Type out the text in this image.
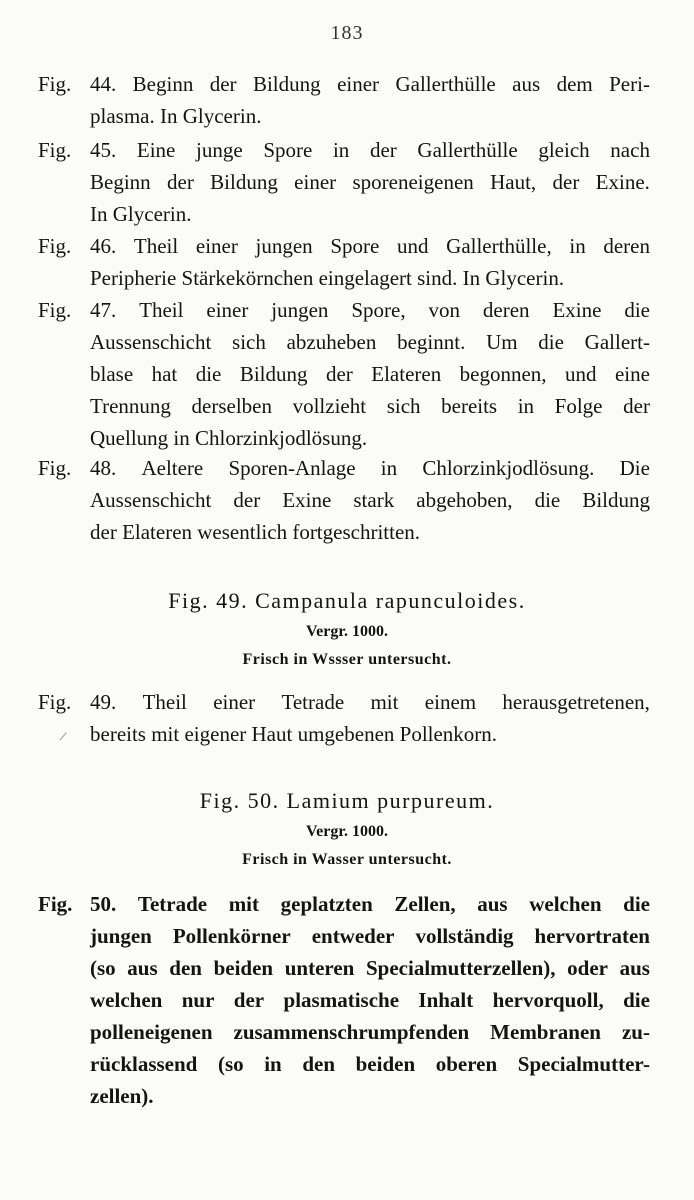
183
Fig. 49. Campanula rapunculoides.
Vergr. 1000.
Frisch in Wssser untersucht.
Fig. 50. Lamium purpureum.
Vergr. 1000.
Frisch in Wasser untersucht.
Fig. 44. Beginn der Bildung einer Gallerthülle aus dem Peri-
plasma. In Glycerin.
Fig. 45. Eine junge Spore in der Gallerthülle gleich nach
Beginn der Bildung einer sporeneigenen Haut, der Exine.
In Glycerin.
Fig. 46. Theil einer jungen Spore und Gallerthülle, in deren
Peripherie Stärkekörnchen eingelagert sind. In Glycerin.
Fig. 47. Theil einer jungen Spore, von deren Exine die
Aussenschicht sich abzuheben beginnt. Um die Gallert-
blase hat die Bildung der Elateren begonnen, und eine
Trennung derselben vollzieht sich bereits in Folge der
Quellung in Chlorzinkjodlösung.
Fig. 48. Aeltere Sporen-Anlage in Chlorzinkjodlösung. Die
Aussenschicht der Exine stark abgehoben, die Bildung
der Elateren wesentlich fortgeschritten.
Fig. 49. Theil einer Tetrade mit einem herausgetretenen,
bereits mit eigener Haut umgebenen Pollenkorn.
Fig. 50. Tetrade mit geplatzten Zellen, aus welchen die
jungen Pollenkörner entweder vollständig hervortraten
(so aus den beiden unteren Specialmutterzellen), oder aus
welchen nur der plasmatische Inhalt hervorquoll, die
polleneigenen zusammenschrumpfenden Membranen zu-
rücklassend (so in den beiden oberen Specialmutter-
zellen).
